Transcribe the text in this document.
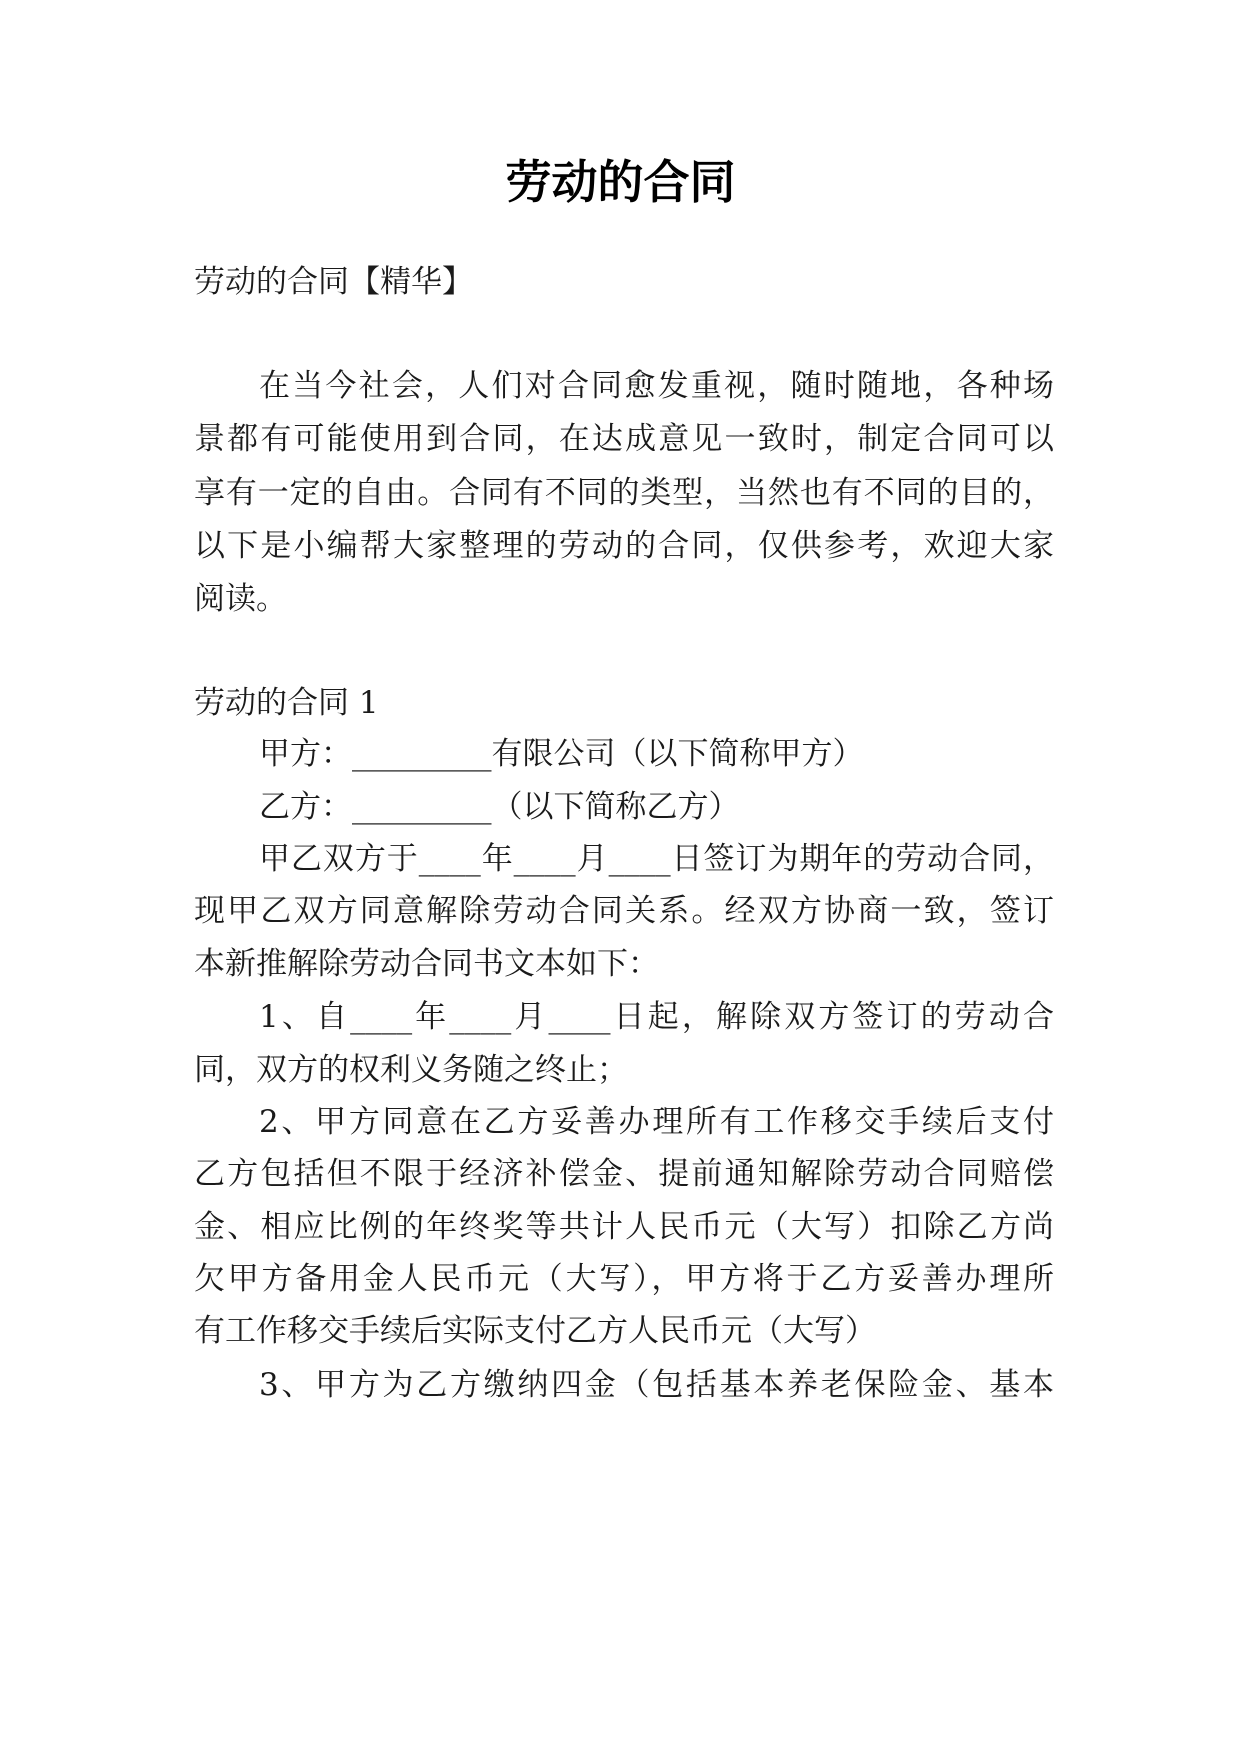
劳动的合同

劳动的合同【精华】

在当今社会，人们对合同愈发重视，随时随地，各种场

景都有可能使用到合同，在达成意见一致时，制定合同可以

享有一定的自由。合同有不同的类型，当然也有不同的目的，

以下是小编帮大家整理的劳动的合同，仅供参考，欢迎大家

阅读。

劳动的合同 1

甲方：_________有限公司（以下简称甲方）

乙方：_________（以下简称乙方）

甲乙双方于____年____月____日签订为期年的劳动合同，

现甲乙双方同意解除劳动合同关系。经双方协商一致，签订

本新推解除劳动合同书文本如下：

1、自____年____月____日起，解除双方签订的劳动合

同，双方的权利义务随之终止；

2、甲方同意在乙方妥善办理所有工作移交手续后支付

乙方包括但不限于经济补偿金、提前通知解除劳动合同赔偿

金、相应比例的年终奖等共计人民币元（大写）扣除乙方尚

欠甲方备用金人民币元（大写），甲方将于乙方妥善办理所

有工作移交手续后实际支付乙方人民币元（大写）

3、甲方为乙方缴纳四金（包括基本养老保险金、基本
